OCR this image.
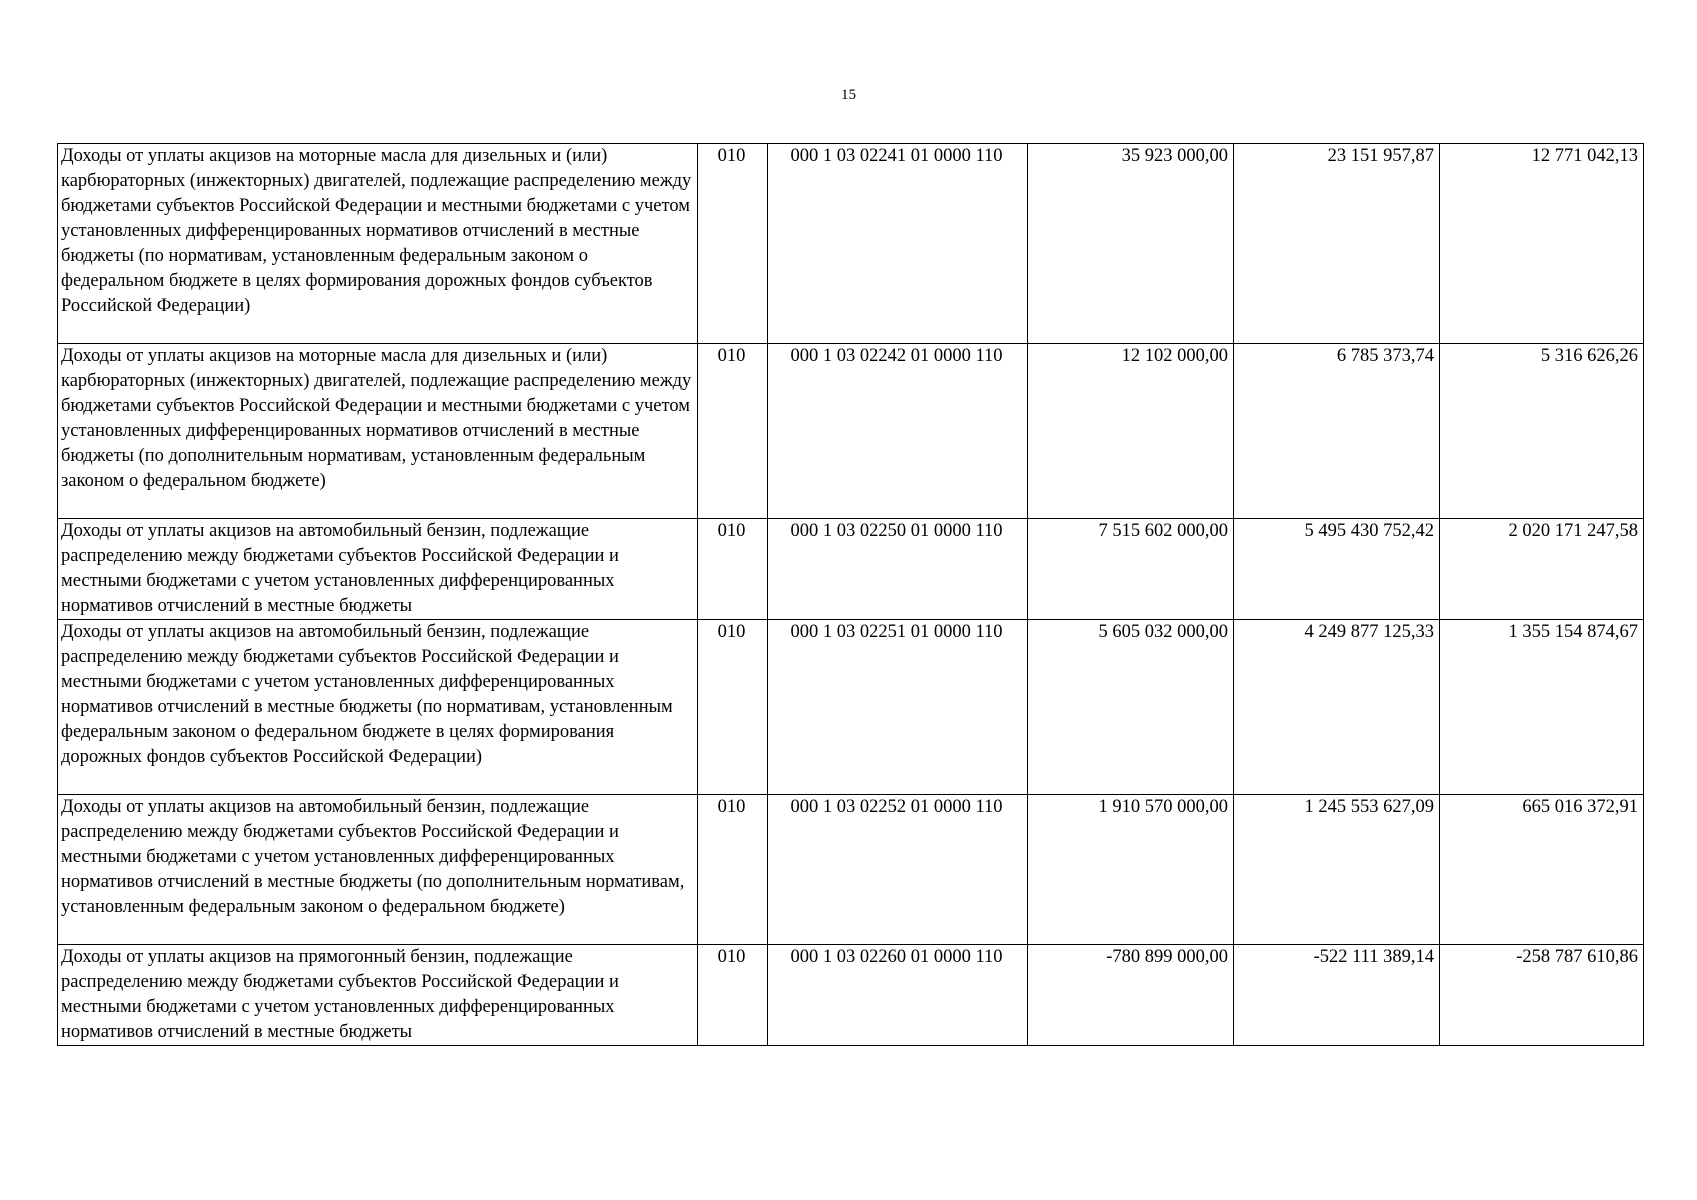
15
Доходы от уплаты акцизов на моторные масла для дизельных и (или) карбюраторных (инжекторных) двигателей, подлежащие распределению между бюджетами субъектов Российской Федерации и местными бюджетами с учетом установленных дифференцированных нормативов отчислений в местные бюджеты (по нормативам, установленным федеральным законом о федеральном бюджете в целях формирования дорожных фондов субъектов Российской Федерации)	010	000 1 03 02241 01 0000 110	35 923 000,00	23 151 957,87	12 771 042,13
Доходы от уплаты акцизов на моторные масла для дизельных и (или) карбюраторных (инжекторных) двигателей, подлежащие распределению между бюджетами субъектов Российской Федерации и местными бюджетами с учетом установленных дифференцированных нормативов отчислений в местные бюджеты (по дополнительным нормативам, установленным федеральным законом о федеральном бюджете)	010	000 1 03 02242 01 0000 110	12 102 000,00	6 785 373,74	5 316 626,26
Доходы от уплаты акцизов на автомобильный бензин, подлежащие распределению между бюджетами субъектов Российской Федерации и местными бюджетами с учетом установленных дифференцированных нормативов отчислений в местные бюджеты	010	000 1 03 02250 01 0000 110	7 515 602 000,00	5 495 430 752,42	2 020 171 247,58
Доходы от уплаты акцизов на автомобильный бензин, подлежащие распределению между бюджетами субъектов Российской Федерации и местными бюджетами с учетом установленных дифференцированных нормативов отчислений в местные бюджеты (по нормативам, установленным федеральным законом о федеральном бюджете в целях формирования дорожных фондов субъектов Российской Федерации)	010	000 1 03 02251 01 0000 110	5 605 032 000,00	4 249 877 125,33	1 355 154 874,67
Доходы от уплаты акцизов на автомобильный бензин, подлежащие распределению между бюджетами субъектов Российской Федерации и местными бюджетами с учетом установленных дифференцированных нормативов отчислений в местные бюджеты (по дополнительным нормативам, установленным федеральным законом о федеральном бюджете)	010	000 1 03 02252 01 0000 110	1 910 570 000,00	1 245 553 627,09	665 016 372,91
Доходы от уплаты акцизов на прямогонный бензин, подлежащие распределению между бюджетами субъектов Российской Федерации и местными бюджетами с учетом установленных дифференцированных нормативов отчислений в местные бюджеты	010	000 1 03 02260 01 0000 110	-780 899 000,00	-522 111 389,14	-258 787 610,86
